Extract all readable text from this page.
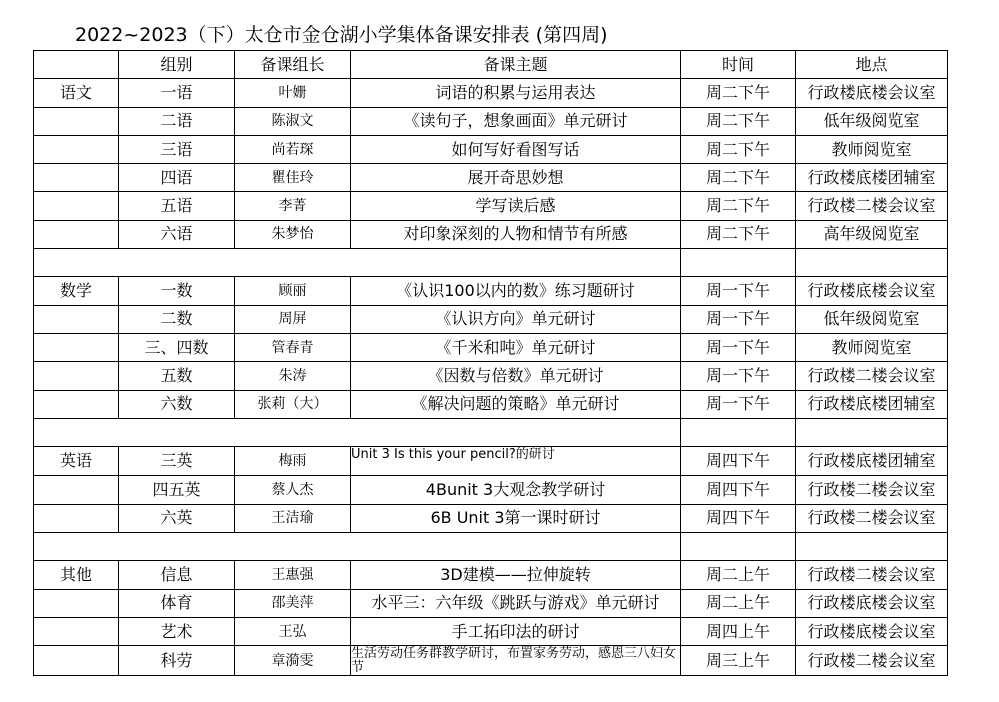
2022~2023（下）太仓市金仓湖小学集体备课安排表 (第四周)
	组别	备课组长	备课主题	时间	地点
语文	一语	叶姗	词语的积累与运用表达	周二下午	行政楼底楼会议室
	二语	陈淑文	《读句子，想象画面》单元研讨	周二下午	低年级阅览室
	三语	尚若琛	如何写好看图写话	周二下午	教师阅览室
	四语	瞿佳玲	展开奇思妙想	周二下午	行政楼底楼团辅室
	五语	李菁	学写读后感	周二下午	行政楼二楼会议室
	六语	朱梦怡	对印象深刻的人物和情节有所感	周二下午	高年级阅览室

数学	一数	顾丽	《认识100以内的数》练习题研讨	周一下午	行政楼底楼会议室
	二数	周屏	《认识方向》单元研讨	周一下午	低年级阅览室
	三、四数	管春青	《千米和吨》单元研讨	周一下午	教师阅览室
	五数	朱涛	《因数与倍数》单元研讨	周一下午	行政楼二楼会议室
	六数	张莉（大）	《解决问题的策略》单元研讨	周一下午	行政楼底楼团辅室

英语	三英	梅雨	Unit 3 Is this your pencil?的研讨	周四下午	行政楼底楼团辅室
	四五英	蔡人杰	4Bunit 3大观念教学研讨	周四下午	行政楼二楼会议室
	六英	王洁瑜	6B Unit 3第一课时研讨	周四下午	行政楼二楼会议室

其他	信息	王惠强	3D建模——拉伸旋转	周二上午	行政楼二楼会议室
	体育	邵美萍	水平三：六年级《跳跃与游戏》单元研讨	周二上午	行政楼底楼会议室
	艺术	王弘	手工拓印法的研讨	周四上午	行政楼底楼会议室
	科劳	章漪雯	生活劳动任务群教学研讨，布置家务劳动，感恩三八妇女节	周三上午	行政楼二楼会议室
